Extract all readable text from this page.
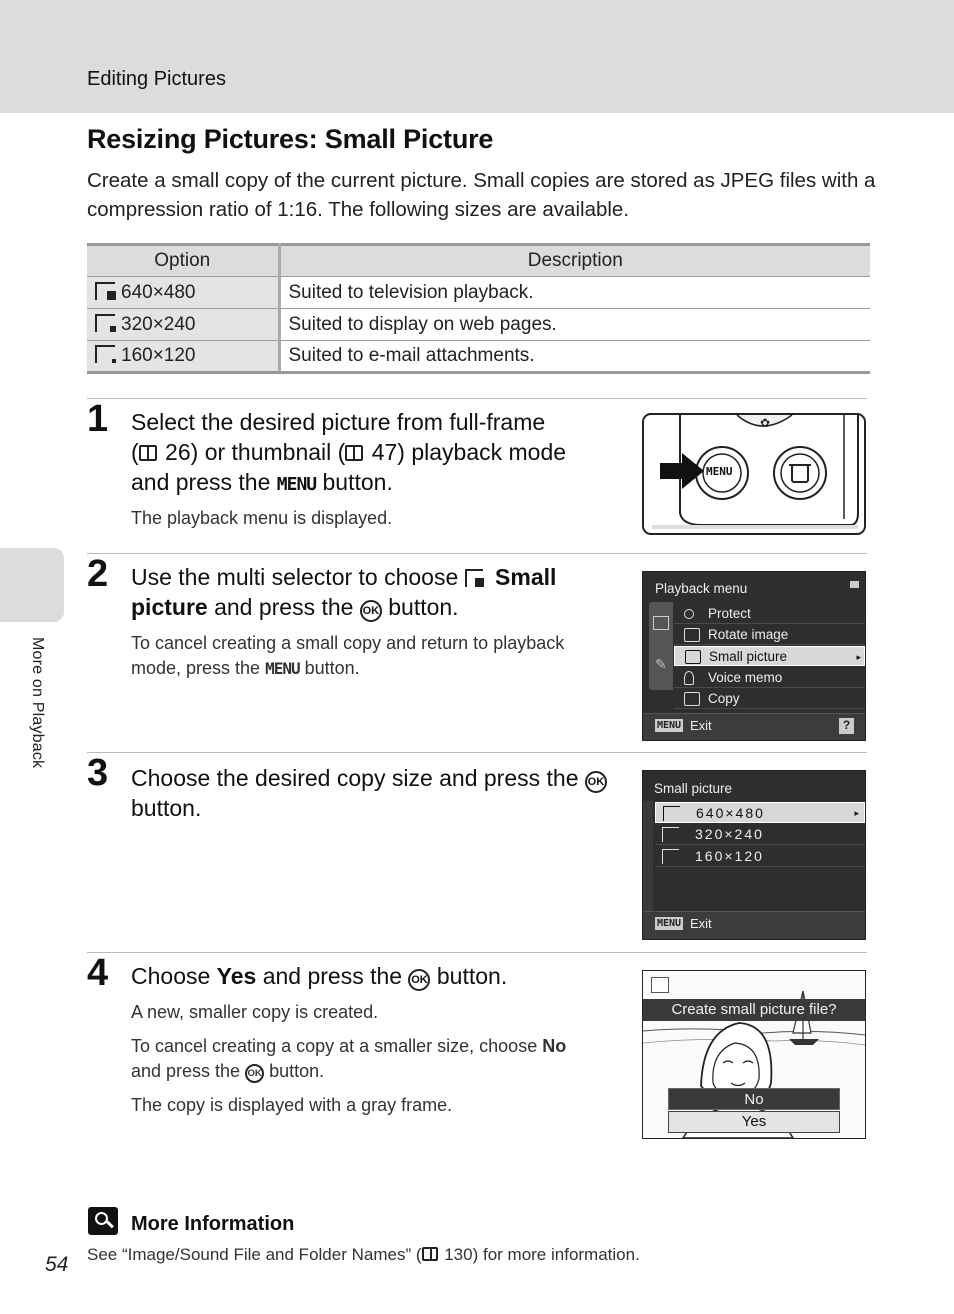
Editing Pictures
More on Playback
Resizing Pictures: Small Picture

Create a small copy of the current picture. Small copies are stored as JPEG files with a compression ratio of 1:16. The following sizes are available.

Option	Description

640×480	Suited to television playback.

320×240	Suited to display on web pages.

160×120	Suited to e-mail attachments.
1 Select the desired picture from full-frame
( 26) or thumbnail ( 47) playback mode
and press the MENU button.
The playback menu is displayed.
✿
MENU
2 Use the multi selector to choose
Small
picture and press the OK button.
To cancel creating a small copy and return to playback
mode, press the MENU button.
Playback menu
✎
Protect
Rotate image
Small picture	▸
Voice memo
Copy
MENU Exit	?
3 Choose the desired copy size and press the OK
button.
Small picture
640×480	▸
320×240
160×120
MENU Exit
4 Choose Yes and press the OK button.
A new, smaller copy is created.
To cancel creating a copy at a smaller size, choose No
and press the OK button.
The copy is displayed with a gray frame.
Create small picture file?
No
Yes
More Information
See “Image/Sound File and Folder Names” ( 130) for more information.
54
